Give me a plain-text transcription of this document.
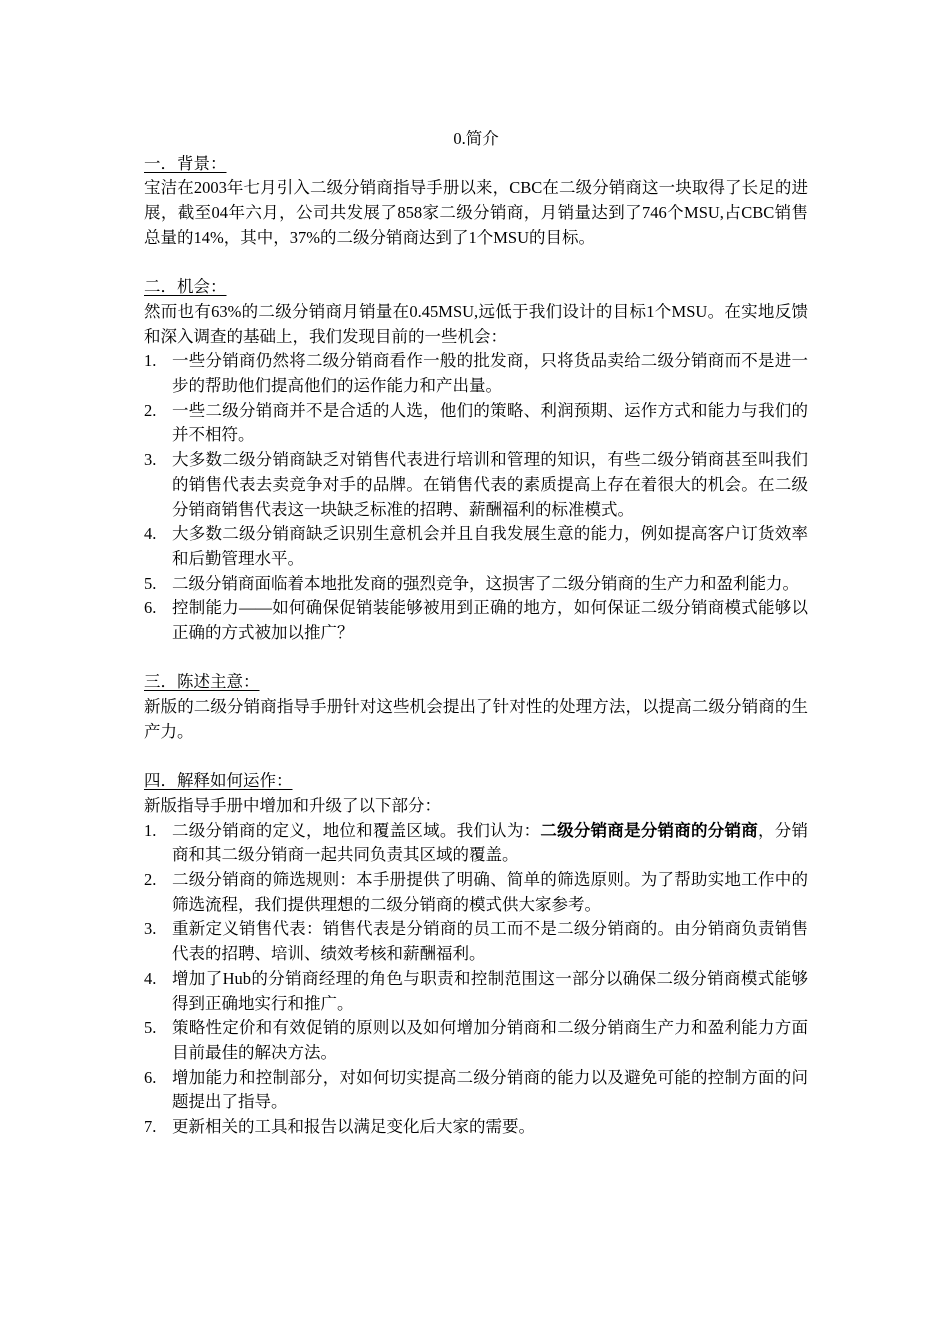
0.简介

一．背景：

宝洁在2003年七月引入二级分销商指导手册以来，CBC在二级分销商这一块取得了长足的进展，截至04年六月，公司共发展了858家二级分销商，月销量达到了746个MSU,占CBC销售总量的14%，其中，37%的二级分销商达到了1个MSU的目标。

二．机会：

然而也有63%的二级分销商月销量在0.45MSU,远低于我们设计的目标1个MSU。在实地反馈和深入调查的基础上，我们发现目前的一些机会：

1. 一些分销商仍然将二级分销商看作一般的批发商，只将货品卖给二级分销商而不是进一步的帮助他们提高他们的运作能力和产出量。
2. 一些二级分销商并不是合适的人选，他们的策略、利润预期、运作方式和能力与我们的并不相符。
3. 大多数二级分销商缺乏对销售代表进行培训和管理的知识，有些二级分销商甚至叫我们的销售代表去卖竞争对手的品牌。在销售代表的素质提高上存在着很大的机会。在二级分销商销售代表这一块缺乏标准的招聘、薪酬福利的标准模式。
4. 大多数二级分销商缺乏识别生意机会并且自我发展生意的能力，例如提高客户订货效率和后勤管理水平。
5. 二级分销商面临着本地批发商的强烈竞争，这损害了二级分销商的生产力和盈利能力。
6. 控制能力——如何确保促销装能够被用到正确的地方，如何保证二级分销商模式能够以正确的方式被加以推广？

三．陈述主意：

新版的二级分销商指导手册针对这些机会提出了针对性的处理方法，以提高二级分销商的生产力。

四．解释如何运作：

新版指导手册中增加和升级了以下部分：

1. 二级分销商的定义，地位和覆盖区域。我们认为：二级分销商是分销商的分销商，分销商和其二级分销商一起共同负责其区域的覆盖。
2. 二级分销商的筛选规则：本手册提供了明确、简单的筛选原则。为了帮助实地工作中的筛选流程，我们提供理想的二级分销商的模式供大家参考。
3. 重新定义销售代表：销售代表是分销商的员工而不是二级分销商的。由分销商负责销售代表的招聘、培训、绩效考核和薪酬福利。
4. 增加了Hub的分销商经理的角色与职责和控制范围这一部分以确保二级分销商模式能够得到正确地实行和推广。
5. 策略性定价和有效促销的原则以及如何增加分销商和二级分销商生产力和盈利能力方面目前最佳的解决方法。
6. 增加能力和控制部分，对如何切实提高二级分销商的能力以及避免可能的控制方面的问题提出了指导。
7. 更新相关的工具和报告以满足变化后大家的需要。
